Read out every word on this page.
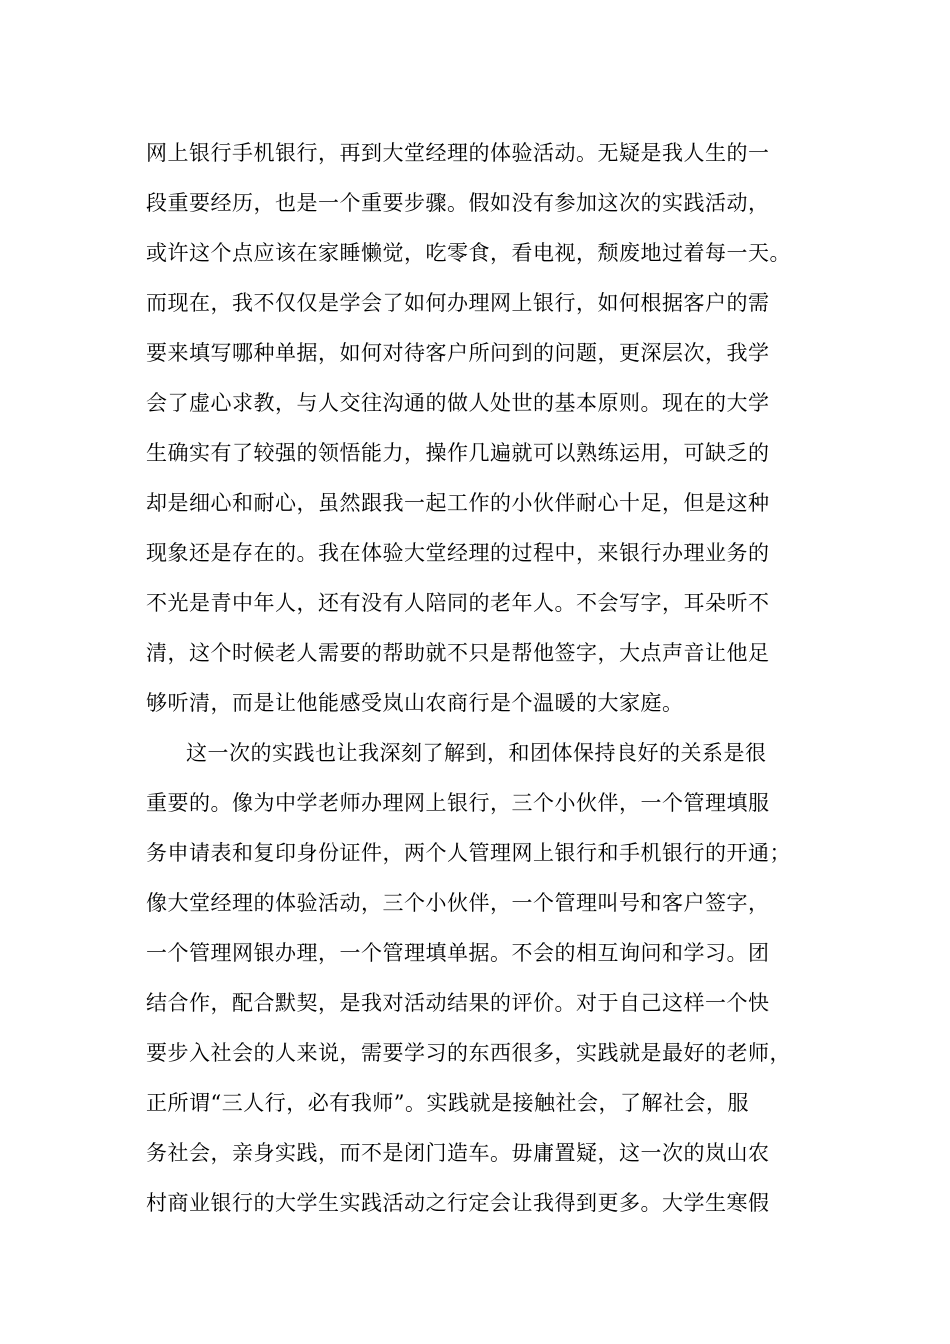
网上银行手机银行，再到大堂经理的体验活动。无疑是我人生的一
段重要经历，也是一个重要步骤。假如没有参加这次的实践活动，
或许这个点应该在家睡懒觉，吃零食，看电视，颓废地过着每一天。
而现在，我不仅仅是学会了如何办理网上银行，如何根据客户的需
要来填写哪种单据，如何对待客户所问到的问题，更深层次，我学
会了虚心求教，与人交往沟通的做人处世的基本原则。现在的大学
生确实有了较强的领悟能力，操作几遍就可以熟练运用，可缺乏的
却是细心和耐心，虽然跟我一起工作的小伙伴耐心十足，但是这种
现象还是存在的。我在体验大堂经理的过程中，来银行办理业务的
不光是青中年人，还有没有人陪同的老年人。不会写字，耳朵听不
清，这个时候老人需要的帮助就不只是帮他签字，大点声音让他足
够听清，而是让他能感受岚山农商行是个温暖的大家庭。
这一次的实践也让我深刻了解到，和团体保持良好的关系是很
重要的。像为中学老师办理网上银行，三个小伙伴，一个管理填服
务申请表和复印身份证件，两个人管理网上银行和手机银行的开通；
像大堂经理的体验活动，三个小伙伴，一个管理叫号和客户签字，
一个管理网银办理，一个管理填单据。不会的相互询问和学习。团
结合作，配合默契，是我对活动结果的评价。对于自己这样一个快
要步入社会的人来说，需要学习的东西很多，实践就是最好的老师，
正所谓“三人行，必有我师”。实践就是接触社会，了解社会，服
务社会，亲身实践，而不是闭门造车。毋庸置疑，这一次的岚山农
村商业银行的大学生实践活动之行定会让我得到更多。大学生寒假
